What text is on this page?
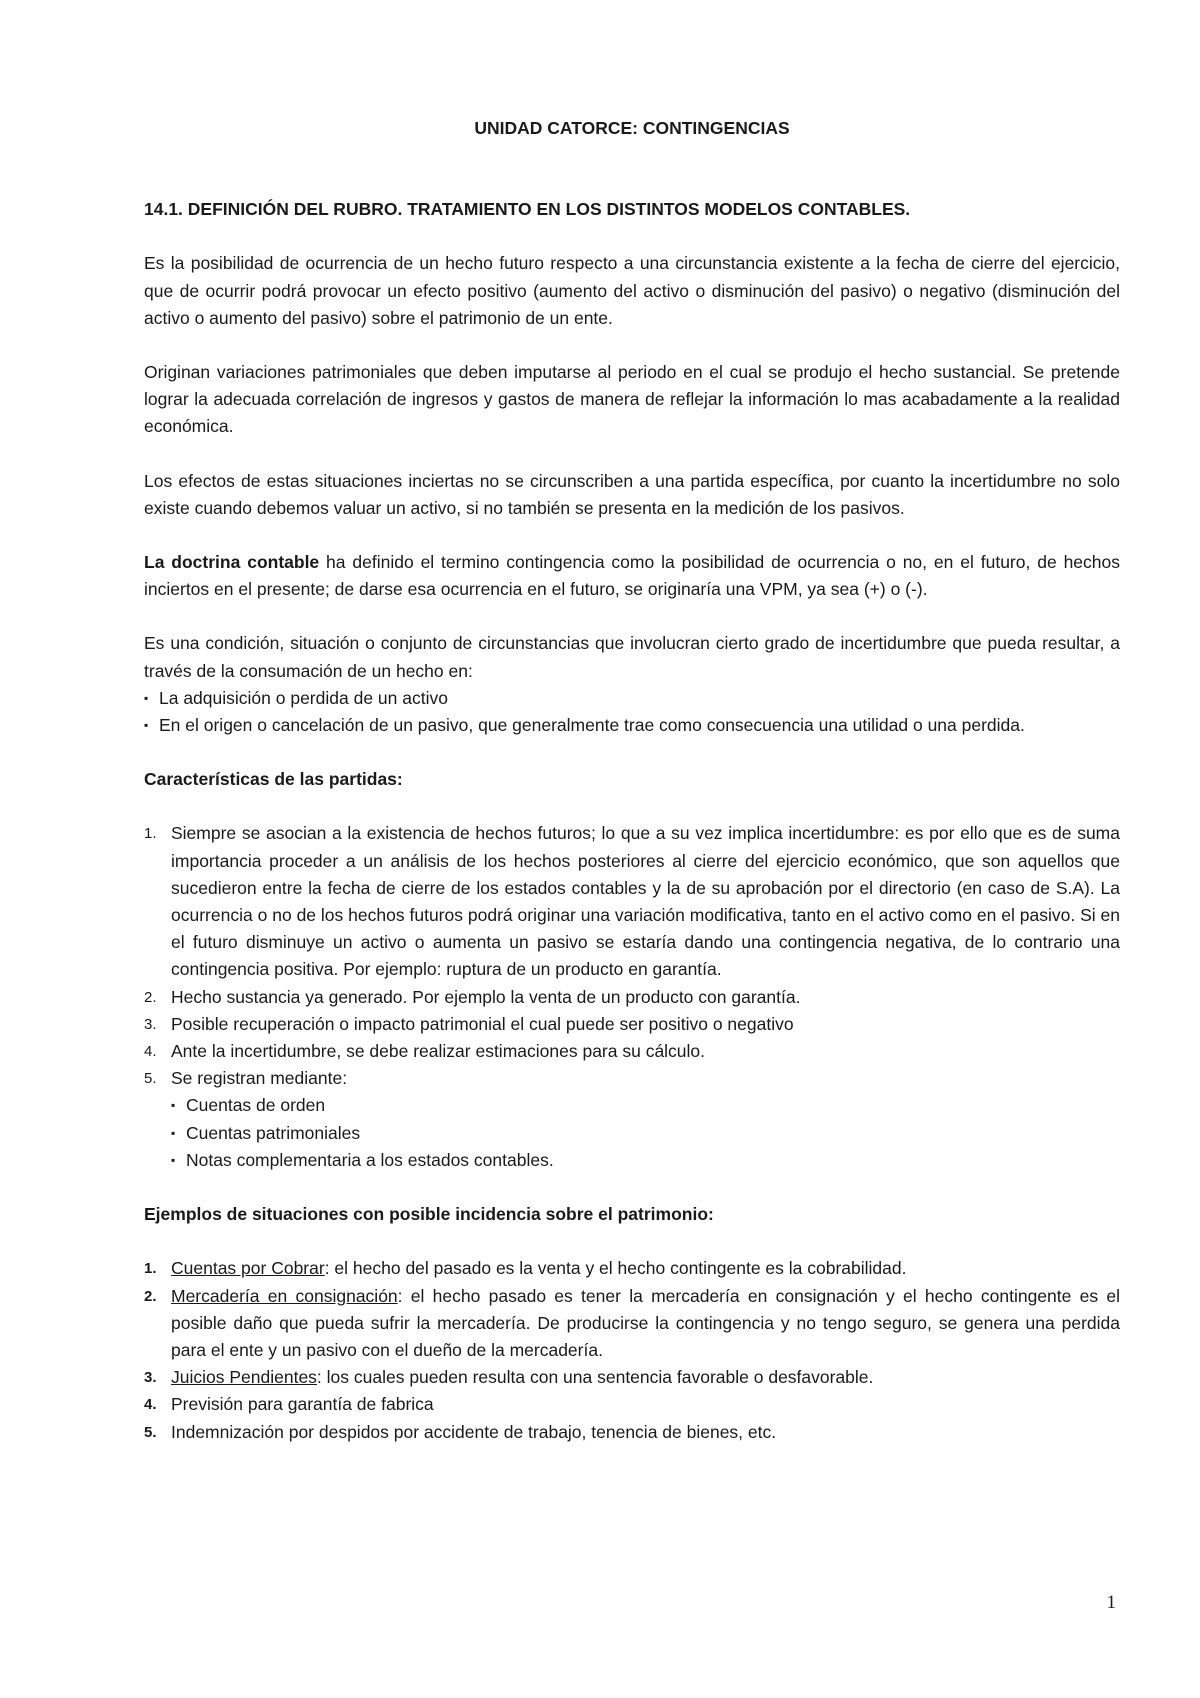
UNIDAD CATORCE: CONTINGENCIAS
14.1. DEFINICIÓN DEL RUBRO. TRATAMIENTO EN LOS DISTINTOS MODELOS CONTABLES.

Es la posibilidad de ocurrencia de un hecho futuro respecto a una circunstancia existente a la fecha de cierre del ejercicio, que de ocurrir podrá provocar un efecto positivo (aumento del activo o disminución del pasivo) o negativo (disminución del activo o aumento del pasivo) sobre el patrimonio de un ente.

Originan variaciones patrimoniales que deben imputarse al periodo en el cual se produjo el hecho sustancial. Se pretende lograr la adecuada correlación de ingresos y gastos de manera de reflejar la información lo mas acabadamente a la realidad económica.

Los efectos de estas situaciones inciertas no se circunscriben a una partida específica, por cuanto la incertidumbre no solo existe cuando debemos valuar un activo, si no también se presenta en la medición de los pasivos.

La doctrina contable ha definido el termino contingencia como la posibilidad de ocurrencia o no, en el futuro, de hechos inciertos en el presente; de darse esa ocurrencia en el futuro, se originaría una VPM, ya sea (+) o (-).

Es una condición, situación o conjunto de circunstancias que involucran cierto grado de incertidumbre que pueda resultar, a través de la consumación de un hecho en:

▪ La adquisición o perdida de un activo
▪ En el origen o cancelación de un pasivo, que generalmente trae como consecuencia una utilidad o una perdida.
Características de las partidas:
1. Siempre se asocian a la existencia de hechos futuros; lo que a su vez implica incertidumbre: es por ello que es de suma importancia proceder a un análisis de los hechos posteriores al cierre del ejercicio económico, que son aquellos que sucedieron entre la fecha de cierre de los estados contables y la de su aprobación por el directorio (en caso de S.A). La ocurrencia o no de los hechos futuros podrá originar una variación modificativa, tanto en el activo como en el pasivo. Si en el futuro disminuye un activo o aumenta un pasivo se estaría dando una contingencia negativa, de lo contrario una contingencia positiva. Por ejemplo: ruptura de un producto en garantía.
2. Hecho sustancia ya generado. Por ejemplo la venta de un producto con garantía.
3. Posible recuperación o impacto patrimonial el cual puede ser positivo o negativo
4. Ante la incertidumbre, se debe realizar estimaciones para su cálculo.
5. Se registran mediante:
▪ Cuentas de orden
▪ Cuentas patrimoniales
▪ Notas complementaria a los estados contables.
Ejemplos de situaciones con posible incidencia sobre el patrimonio:
1. Cuentas por Cobrar: el hecho del pasado es la venta y el hecho contingente es la cobrabilidad.
2. Mercadería en consignación: el hecho pasado es tener la mercadería en consignación y el hecho contingente es el posible daño que pueda sufrir la mercadería. De producirse la contingencia y no tengo seguro, se genera una perdida para el ente y un pasivo con el dueño de la mercadería.
3. Juicios Pendientes: los cuales pueden resulta con una sentencia favorable o desfavorable.
4. Previsión para garantía de fabrica
5. Indemnización por despidos por accidente de trabajo, tenencia de bienes, etc.
1
